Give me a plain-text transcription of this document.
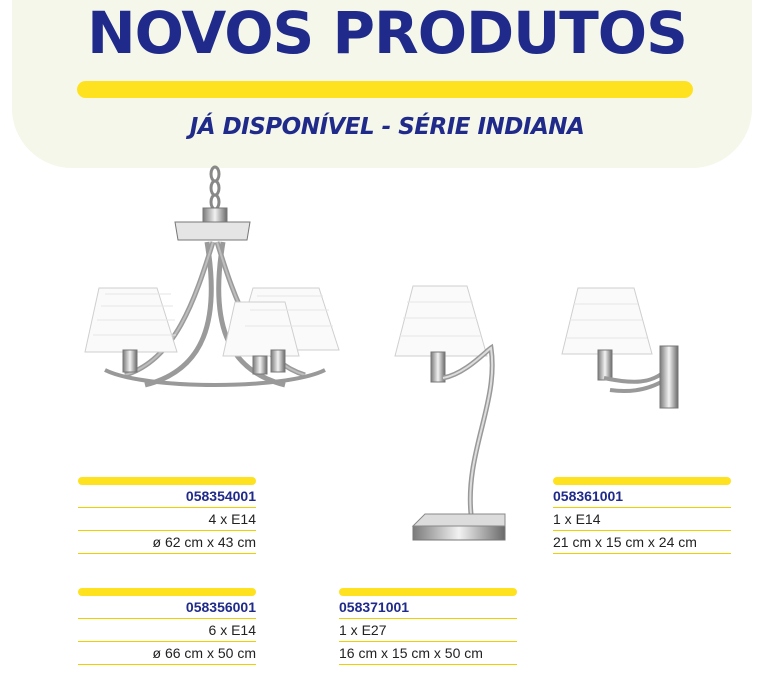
NOVOS PRODUTOS
JÁ DISPONÍVEL - SÉRIE INDIANA
058354001
4 x E14
ø 62 cm x 43 cm
058356001
6 x E14
ø 66 cm x 50 cm
058371001
1 x E27
16 cm x 15 cm x 50 cm
058361001
1 x E14
21 cm x 15 cm x 24 cm
